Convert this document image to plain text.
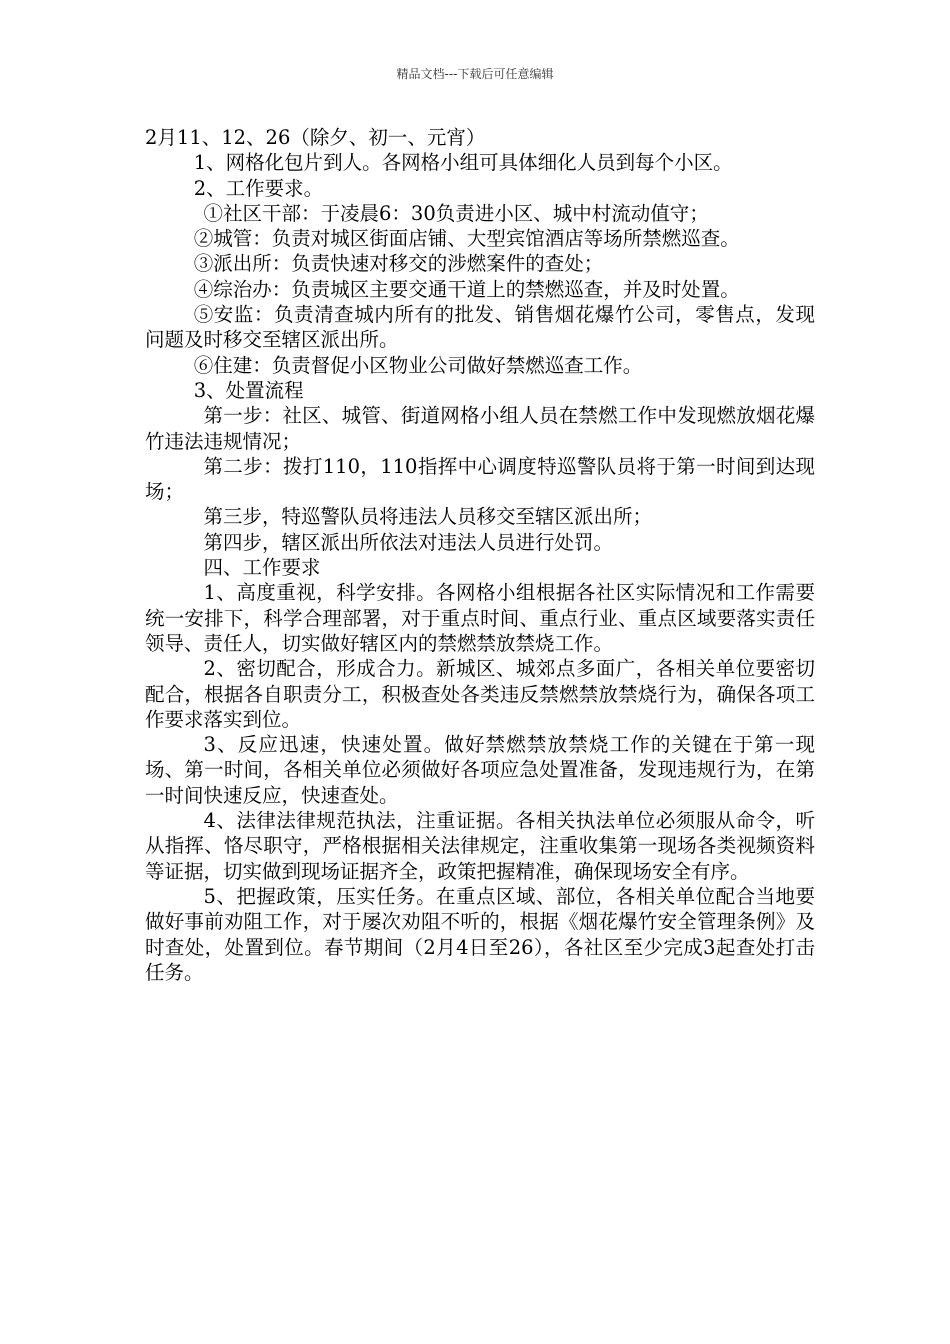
精品文档---下载后可任意编辑

2月11、12、26（除夕、初一、元宵）

1、网格化包片到人。各网格小组可具体细化人员到每个小区。

2、工作要求。

①社区干部：于凌晨6：30负责进小区、城中村流动值守；

②城管：负责对城区街面店铺、大型宾馆酒店等场所禁燃巡查。

③派出所：负责快速对移交的涉燃案件的查处；

④综治办：负责城区主要交通干道上的禁燃巡查，并及时处置。

⑤安监：负责清查城内所有的批发、销售烟花爆竹公司，零售点，发现问题及时移交至辖区派出所。

⑥住建：负责督促小区物业公司做好禁燃巡查工作。

3、处置流程

第一步：社区、城管、街道网格小组人员在禁燃工作中发现燃放烟花爆竹违法违规情况；

第二步：拨打110，110指挥中心调度特巡警队员将于第一时间到达现场；

第三步，特巡警队员将违法人员移交至辖区派出所；

第四步，辖区派出所依法对违法人员进行处罚。

四、工作要求

1、高度重视，科学安排。各网格小组根据各社区实际情况和工作需要统一安排下，科学合理部署，对于重点时间、重点行业、重点区域要落实责任领导、责任人，切实做好辖区内的禁燃禁放禁烧工作。

2、密切配合，形成合力。新城区、城郊点多面广，各相关单位要密切配合，根据各自职责分工，积极查处各类违反禁燃禁放禁烧行为，确保各项工作要求落实到位。

3、反应迅速，快速处置。做好禁燃禁放禁烧工作的关键在于第一现场、第一时间，各相关单位必须做好各项应急处置准备，发现违规行为，在第一时间快速反应，快速查处。

4、法律法律规范执法，注重证据。各相关执法单位必须服从命令，听从指挥、恪尽职守，严格根据相关法律规定，注重收集第一现场各类视频资料等证据，切实做到现场证据齐全，政策把握精准，确保现场安全有序。

5、把握政策，压实任务。在重点区域、部位，各相关单位配合当地要做好事前劝阻工作，对于屡次劝阻不听的，根据《烟花爆竹安全管理条例》及时查处，处置到位。春节期间（2月4日至26），各社区至少完成3起查处打击任务。
